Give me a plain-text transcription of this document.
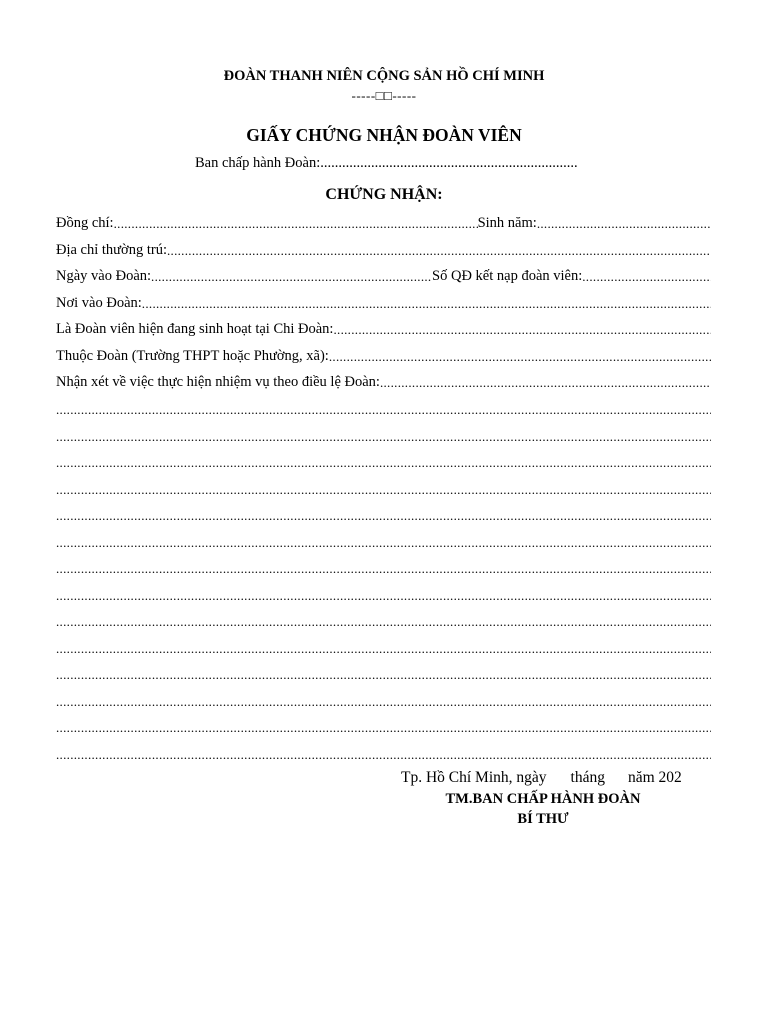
ĐOÀN THANH NIÊN CỘNG SẢN HỒ CHÍ MINH
-----□□-----
GIẤY CHỨNG NHẬN ĐOÀN VIÊN
Ban chấp hành Đoàn:.......................................................................
CHỨNG NHẬN:
Đồng chí: .....	Sinh năm:
.....
Địa chỉ thường trú:
.....
Ngày vào Đoàn: .....	Số QĐ kết nạp đoàn viên:
.....
Nơi vào Đoàn:
.....
Là Đoàn viên hiện đang sinh hoạt tại Chi Đoàn:
.....
Thuộc Đoàn (Trường THPT hoặc Phường, xã):
.....
Nhận xét về việc thực hiện nhiệm vụ theo điều lệ Đoàn:
.....
.....
.....
.....
.....
.....
.....
.....
.....
.....
.....
.....
.....
.....
.....
Tp. Hồ Chí Minh, ngày tháng năm 202
TM.BAN CHẤP HÀNH ĐOÀN
BÍ THƯ
